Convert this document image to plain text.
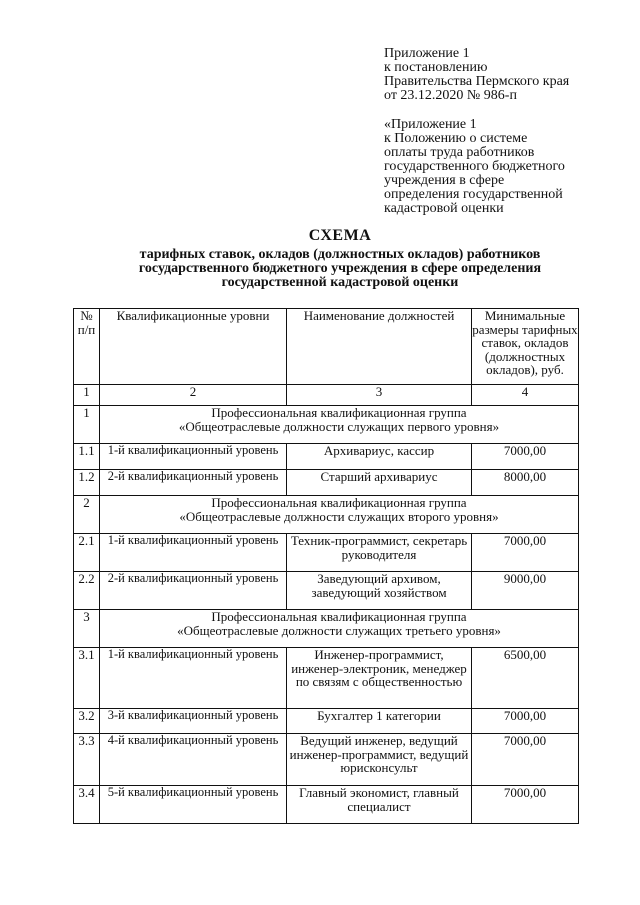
Приложение 1
к постановлению
Правительства Пермского края
от 23.12.2020 № 986-п
«Приложение 1
к Положению о системе
оплаты труда работников
государственного бюджетного
учреждения в сфере
определения государственной
кадастровой оценки
СХЕМА
тарифных ставок, окладов (должностных окладов) работников
государственного бюджетного учреждения в сфере определения
государственной кадастровой оценки
№ п/п	Квалификационные уровни	Наименование должностей	Минимальные размеры тарифных ставок, окладов (должностных окладов), руб.
1	2	3	4
1	Профессиональная квалификационная группа
«Общеотраслевые должности служащих первого уровня»		

1.1	1-й квалификационный уровень	Архивариус, кассир	7000,00
1.2	2-й квалификационный уровень	Старший архивариус	8000,00
2	Профессиональная квалификационная группа
«Общеотраслевые должности служащих второго уровня»		

2.1	1-й квалификационный уровень	Техник-программист, секретарь руководителя	7000,00
2.2	2-й квалификационный уровень	Заведующий архивом, заведующий хозяйством	9000,00
3	Профессиональная квалификационная группа
«Общеотраслевые должности служащих третьего уровня»		

3.1	1-й квалификационный уровень	Инженер-программист, инженер-электроник, менеджер по связям с общественностью	6500,00
3.2	3-й квалификационный уровень	Бухгалтер 1 категории	7000,00
3.3	4-й квалификационный уровень	Ведущий инженер, ведущий инженер-программист, ведущий юрисконсульт	7000,00
3.4	5-й квалификационный уровень	Главный экономист, главный специалист	7000,00
